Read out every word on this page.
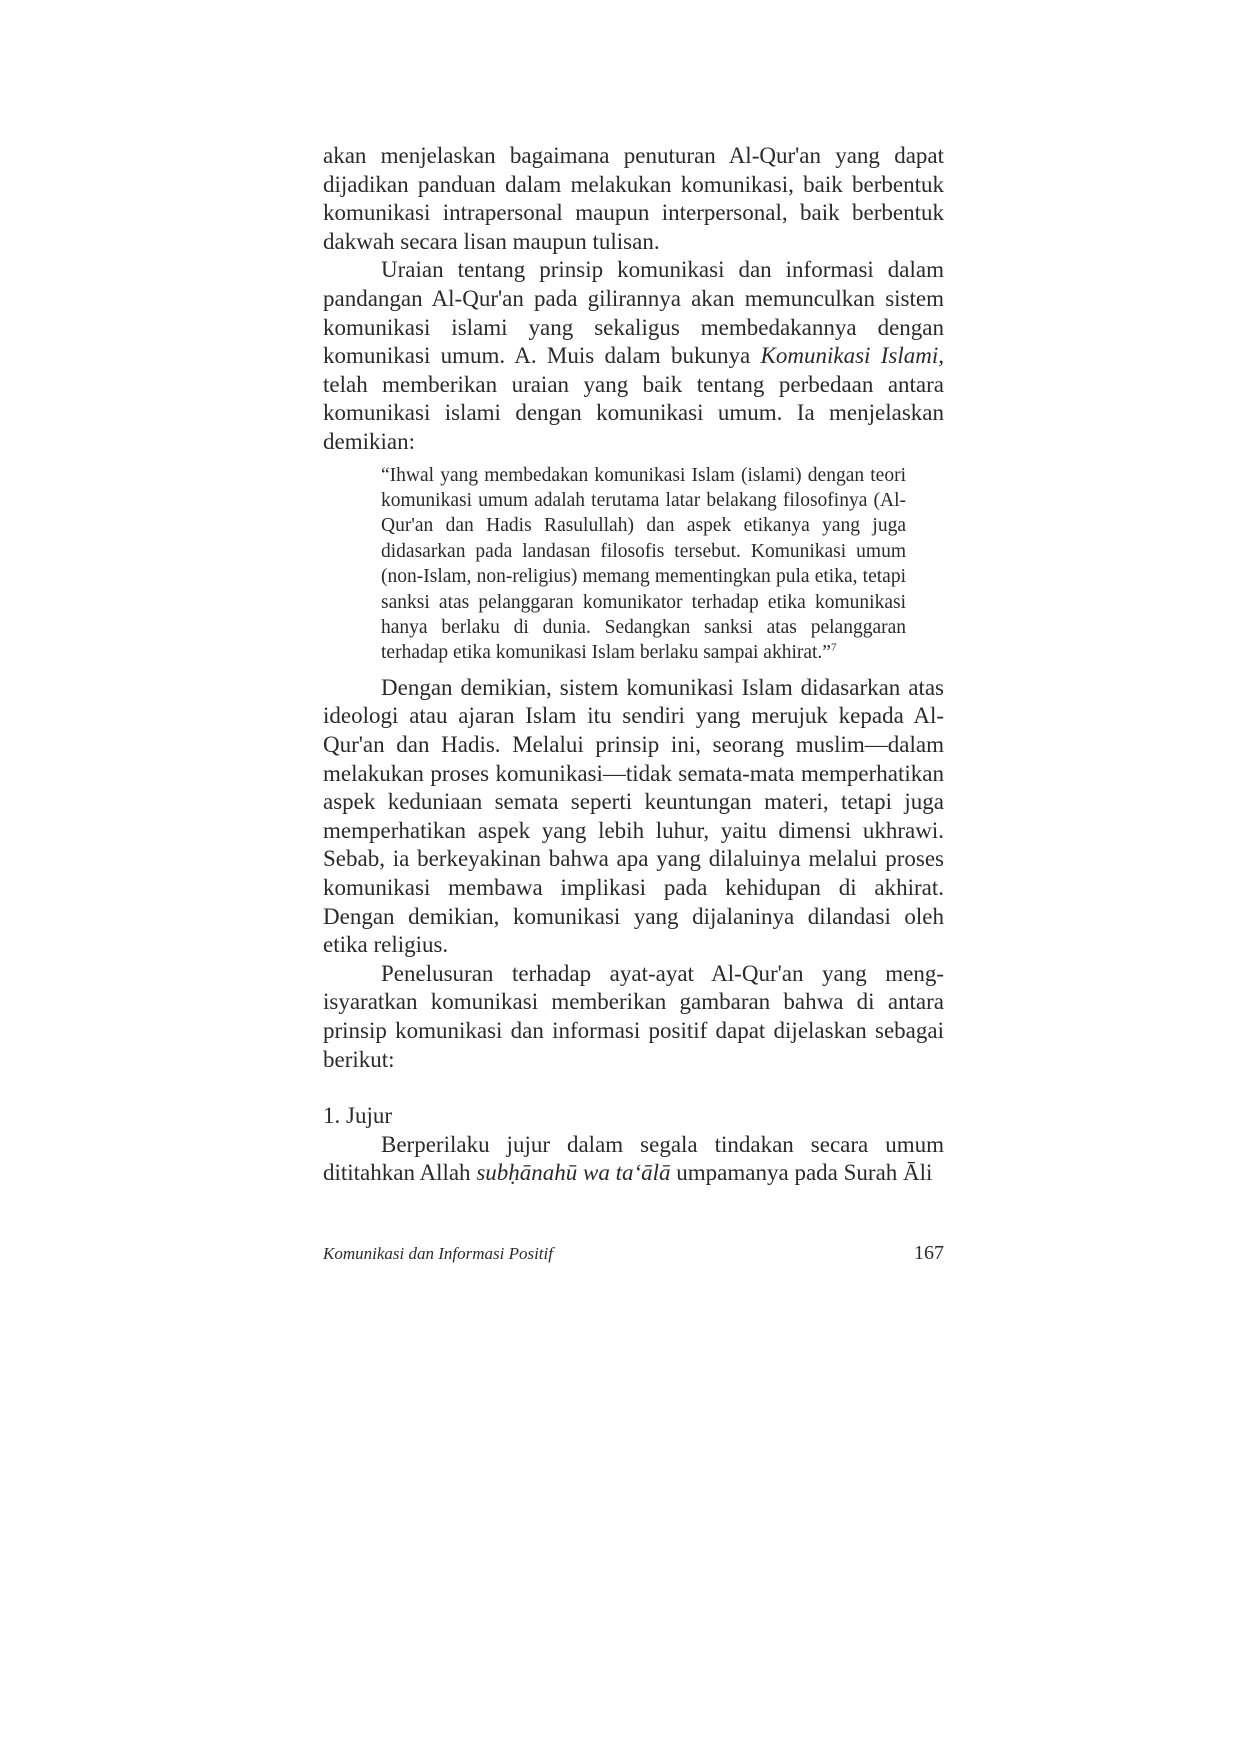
akan menjelaskan bagaimana penuturan Al-Qur'an yang dapat dijadikan panduan dalam melakukan komunikasi, baik berbentuk komunikasi intrapersonal maupun interpersonal, baik berbentuk dakwah secara lisan maupun tulisan.

Uraian tentang prinsip komunikasi dan informasi dalam pandangan Al-Qur'an pada gilirannya akan memunculkan sistem komunikasi islami yang sekaligus membedakannya dengan komunikasi umum. A. Muis dalam bukunya Komunikasi Islami, telah memberikan uraian yang baik tentang perbedaan antara komunikasi islami dengan komunikasi umum. Ia menjelaskan demikian:

“Ihwal yang membedakan komunikasi Islam (islami) dengan teori komunikasi umum adalah terutama latar belakang filosofinya (Al-Qur'an dan Hadis Rasulullah) dan aspek etikanya yang juga didasarkan pada landasan filosofis tersebut. Komunikasi umum (non-Islam, non-religius) memang mementingkan pula etika, tetapi sanksi atas pelanggaran komunikator terhadap etika komunikasi hanya berlaku di dunia. Sedangkan sanksi atas pelanggaran terhadap etika komunikasi Islam berlaku sampai akhirat.”$^7$

Dengan demikian, sistem komunikasi Islam didasarkan atas ideologi atau ajaran Islam itu sendiri yang merujuk kepada Al-Qur'an dan Hadis. Melalui prinsip ini, seorang muslim—dalam melakukan proses komunikasi—tidak semata-mata memperhatikan aspek keduniaan semata seperti keuntungan materi, tetapi juga memperhatikan aspek yang lebih luhur, yaitu dimensi ukhrawi. Sebab, ia berkeyakinan bahwa apa yang dilaluinya melalui proses komunikasi membawa implikasi pada kehidupan di akhirat. Dengan demikian, komunikasi yang dijalaninya dilandasi oleh etika religius.

Penelusuran terhadap ayat-ayat Al-Qur'an yang mengisyaratkan komunikasi memberikan gambaran bahwa di antara prinsip komunikasi dan informasi positif dapat dijelaskan sebagai berikut:

1. Jujur

Berperilaku jujur dalam segala tindakan secara umum dititahkan Allah subḥānahū wa ta‘ālā umpamanya pada Surah Āli

Komunikasi dan Informasi Positif	167
